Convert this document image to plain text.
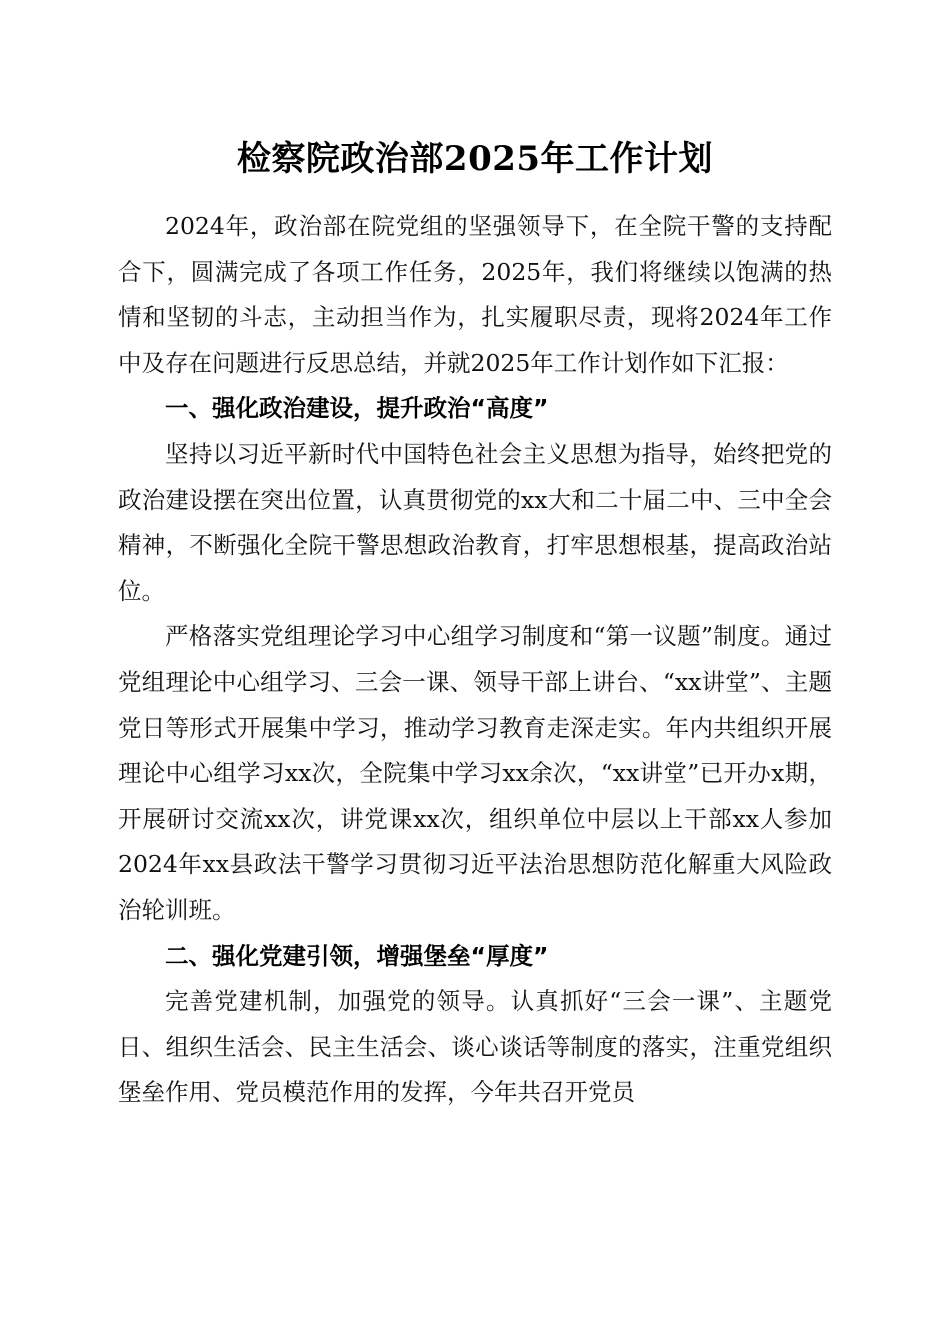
检察院政治部2025年工作计划

2024年，政治部在院党组的坚强领导下，在全院干警的支持配合下，圆满完成了各项工作任务，2025年，我们将继续以饱满的热情和坚韧的斗志，主动担当作为，扎实履职尽责，现将2024年工作中及存在问题进行反思总结，并就2025年工作计划作如下汇报：

一、强化政治建设，提升政治“高度”

坚持以习近平新时代中国特色社会主义思想为指导，始终把党的政治建设摆在突出位置，认真贯彻党的xx大和二十届二中、三中全会精神，不断强化全院干警思想政治教育，打牢思想根基，提高政治站位。

严格落实党组理论学习中心组学习制度和“第一议题”制度。通过党组理论中心组学习、三会一课、领导干部上讲台、“xx讲堂”、主题党日等形式开展集中学习，推动学习教育走深走实。年内共组织开展理论中心组学习xx次，全院集中学习xx余次，“xx讲堂”已开办x期，开展研讨交流xx次，讲党课xx次，组织单位中层以上干部xx人参加2024年xx县政法干警学习贯彻习近平法治思想防范化解重大风险政治轮训班。

二、强化党建引领，增强堡垒“厚度”

完善党建机制，加强党的领导。认真抓好“三会一课”、主题党日、组织生活会、民主生活会、谈心谈话等制度的落实，注重党组织堡垒作用、党员模范作用的发挥，今年共召开党员
